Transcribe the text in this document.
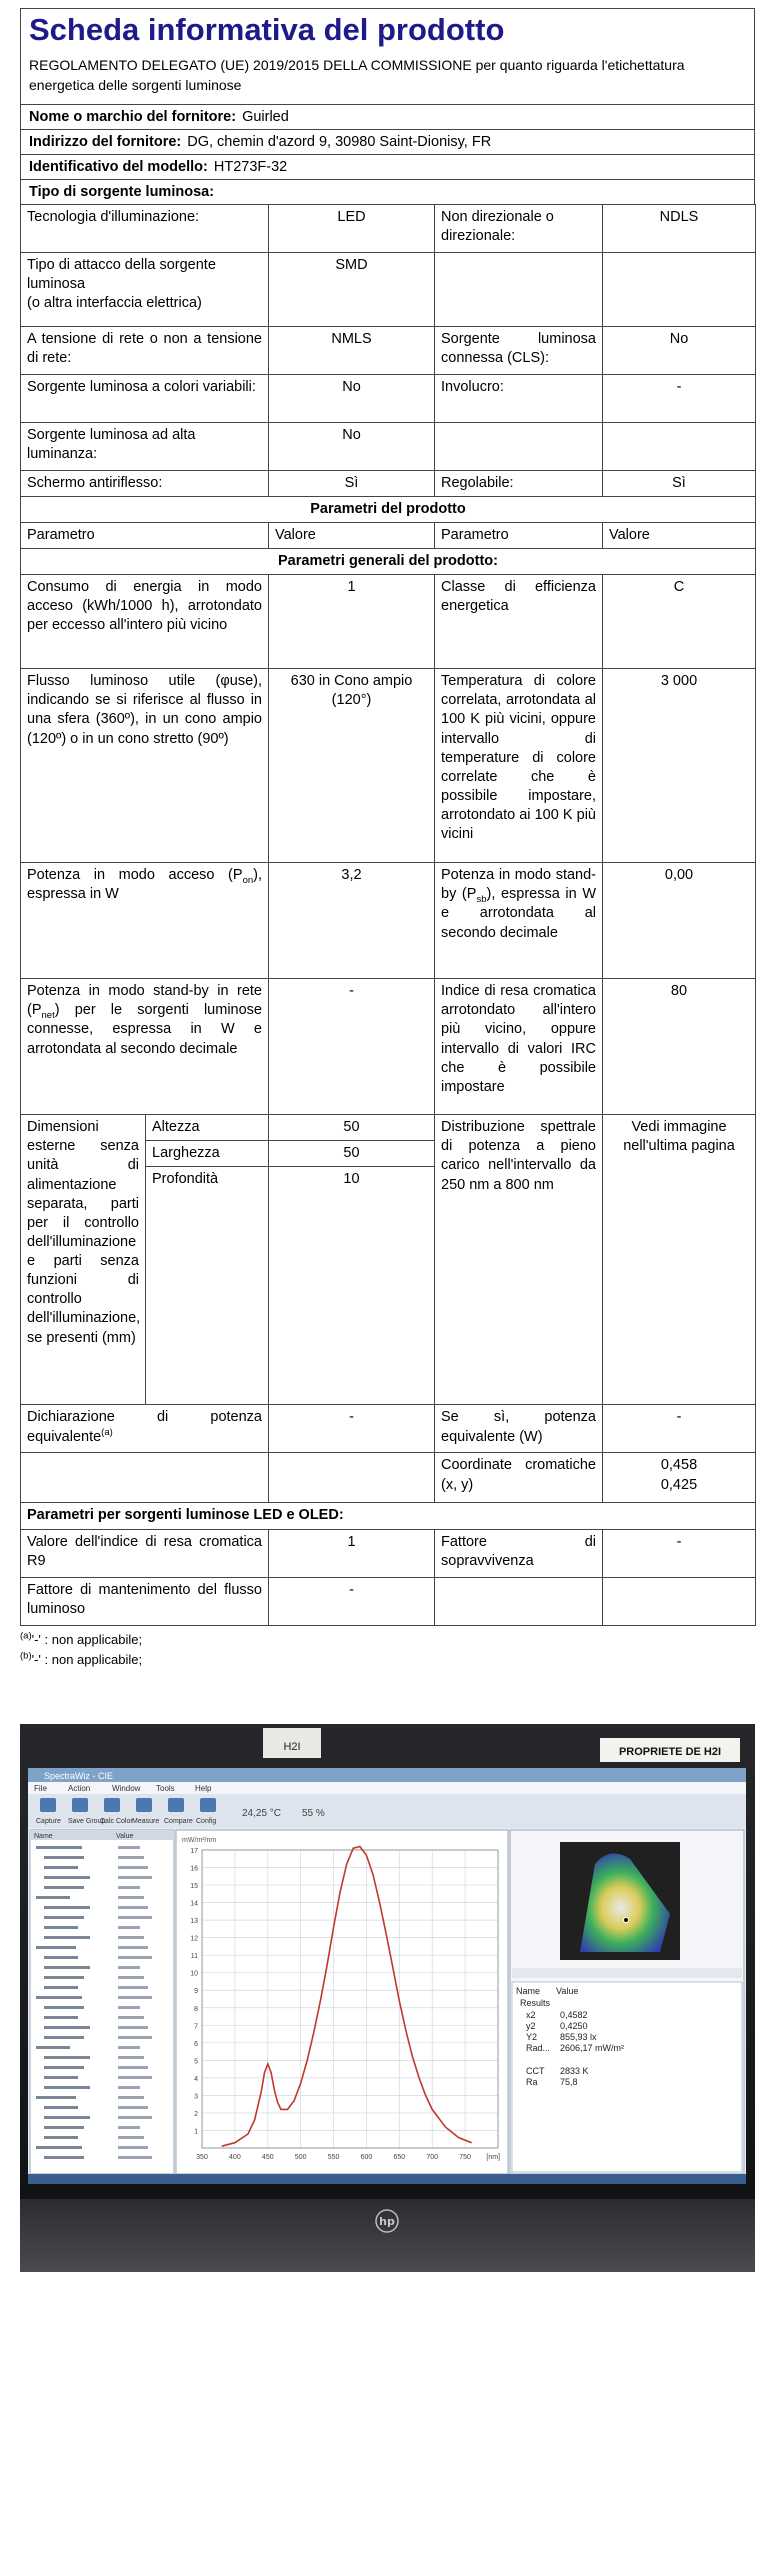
Scheda informativa del prodotto
REGOLAMENTO DELEGATO (UE) 2019/2015 DELLA COMMISSIONE per quanto riguarda l'etichettatura energetica delle sorgenti luminose
Nome o marchio del fornitore: Guirled
Indirizzo del fornitore: DG, chemin d'azord 9, 30980 Saint-Dionisy, FR
Identificativo del modello: HT273F-32
Tipo di sorgente luminosa:
Tecnologia d'illuminazione:	LED	Non direzionale o direzionale:	NDLS

Tipo di attacco della sorgente luminosa
(o altra interfaccia elettrica)	SMD		
A tensione di rete o non a tensione di rete:	NMLS	Sorgente luminosa connessa (CLS):	No
Sorgente luminosa a colori variabili:	No	Involucro:	-
Sorgente luminosa ad alta luminanza:	No		
Schermo antiriflesso:	Sì	Regolabile:	Sì
Parametri del prodotto			
Parametro	Valore	Parametro	Valore
Parametri generali del prodotto:			
Consumo di energia in modo acceso (kWh/1000 h), arrotondato per eccesso all'intero più vicino	1	Classe di efficienza energetica	C
Flusso luminoso utile (φuse), indicando se si riferisce al flusso in una sfera (360º), in un cono ampio (120º) o in un cono stretto (90º)	630 in Cono ampio (120°)	Temperatura di colore correlata, arrotondata al 100 K più vicini, oppure intervallo di temperature di colore correlate che è possibile impostare, arrotondato ai 100 K più vicini	3 000
Potenza in modo acceso $(P_{on})$, espressa in W	3,2	Potenza in modo stand-by $(P_{sb})$, espressa in W e arrotondata al secondo decimale	0,00
Potenza in modo stand-by in rete $(P_{net})$ per le sorgenti luminose connesse, espressa in W e arrotondata al secondo decimale	-	Indice di resa cromatica arrotondato all'intero più vicino, oppure intervallo di valori IRC che è possibile impostare	80
Dimensioni esterne senza unità di alimentazione separata, parti per il controllo dell'illuminazione e parti senza funzioni di controllo dell'illuminazione, se presenti (mm)	Altezza	50	Distribuzione spettrale di potenza a pieno carico nell'intervallo da 250 nm a 800 nm	Vedi immagine nell'ultima pagina
	Larghezza	50		
	Profondità	10		
Dichiarazione di potenza equivalente$^{(a)}$	-	Se sì, potenza equivalente (W)	-
		Coordinate cromatiche (x, y)	0,458
0,425

Parametri per sorgenti luminose LED e OLED:			
Valore dell'indice di resa cromatica R9	1	Fattore di sopravvivenza	-
Fattore di mantenimento del flusso luminoso	-		
$^{(a)}$'-' : non applicabile;
$^{(b)}$'-' : non applicabile;
H2I	PROPRIETE DE H2I
SpectraWiz - CIE
File	Action	Window Tools	Help
Capture Save Group
Calc Color Measure Compare Config
24,25 °C 55 %
Name	Value
mW/m²/nm
1
2
3
4
5
6
7
8
9
10
11
12
13
14
15
16
17
350	400	450	500	550	600	650	700	750 [nm]
Name Value
Results
x2	0,4582
y2	0,4250
Y2	855,93 lx
Rad... 2606,17 mW/m²
CCT 2833 K
Ra 75,8
hp
